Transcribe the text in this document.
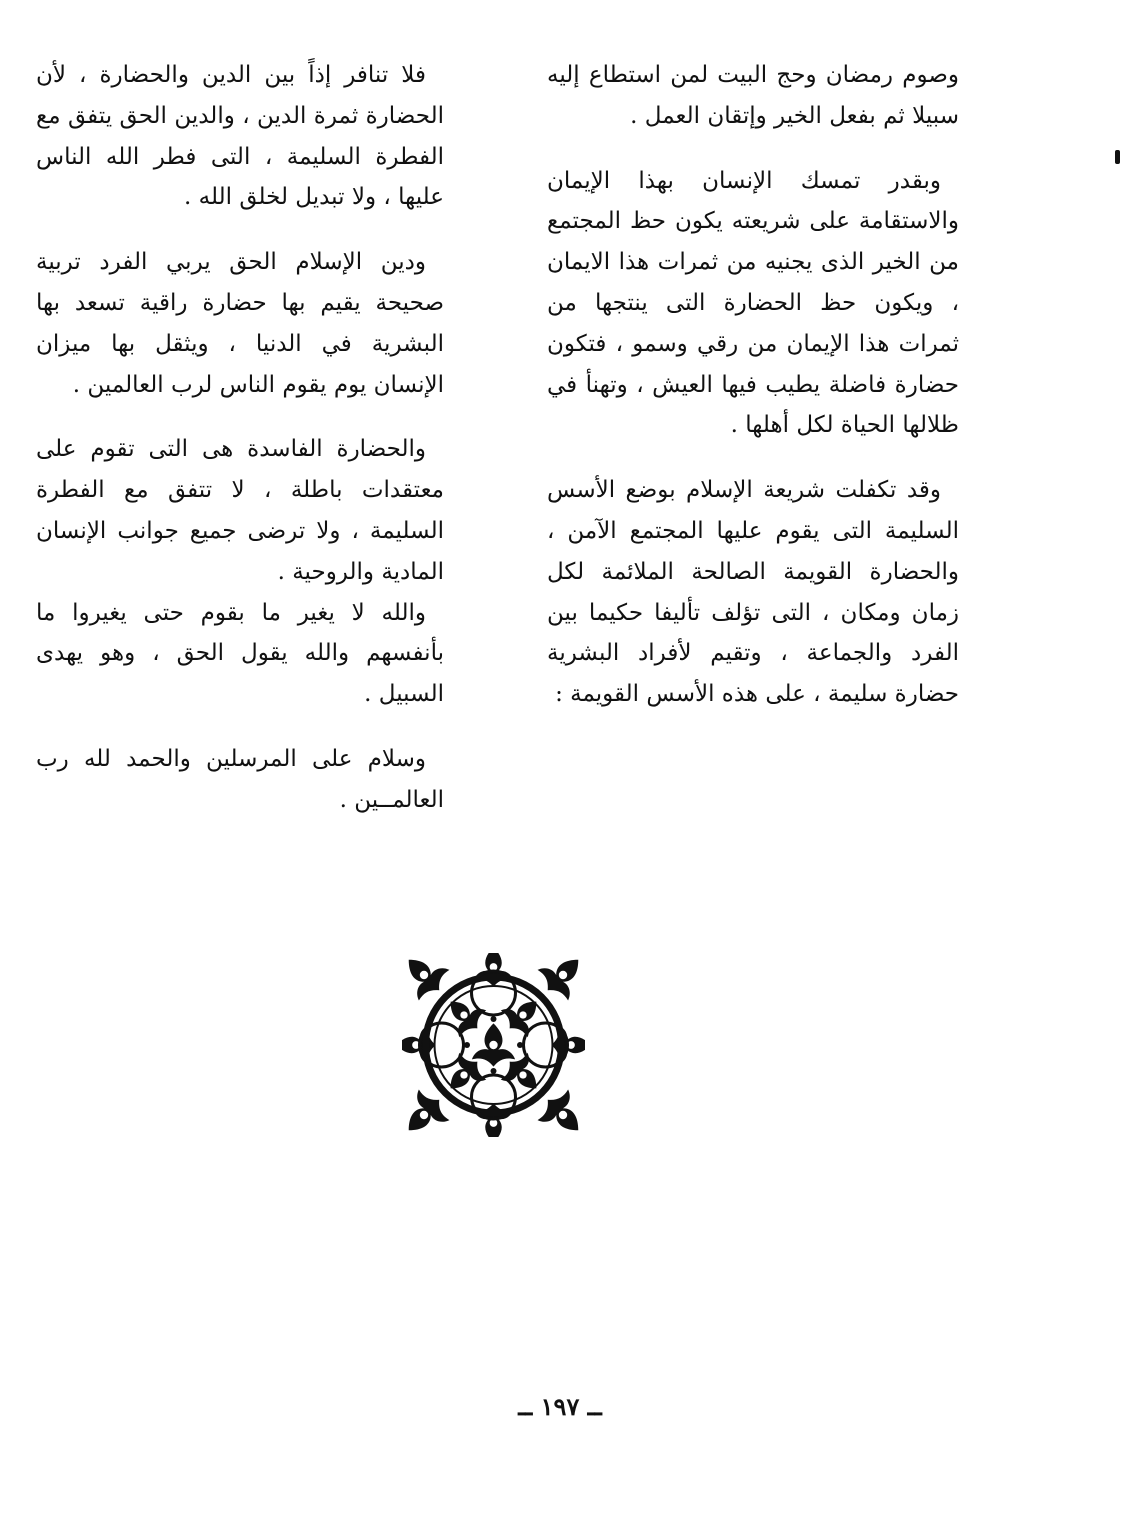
وصوم رمضان وحج البيت لمن استطاع إليه سبيلا ثم بفعل الخير وإتقان العمل .

وبقدر تمسك الإنسان بهذا الإيمان والاستقامة على شريعته يكون حظ المجتمع من الخير الذى يجنيه من ثمرات هذا الايمان ، ويكون حظ الحضارة التى ينتجها من ثمرات هذا الإيمان من رقي وسمو ، فتكون حضارة فاضلة يطيب فيها العيش ، وتهنأ في ظلالها الحياة لكل أهلها .

وقد تكفلت شريعة الإسلام بوضع الأسس السليمة التى يقوم عليها المجتمع الآمن ، والحضارة القويمة الصالحة الملائمة لكل زمان ومكان ، التى تؤلف تأليفا حكيما بين الفرد والجماعة ، وتقيم لأفراد البشرية حضارة سليمة ، على هذه الأسس القويمة :

فلا تنافر إذاً بين الدين والحضارة ، لأن الحضارة ثمرة الدين ، والدين الحق يتفق مع الفطرة السليمة ، التى فطر الله الناس عليها ، ولا تبديل لخلق الله .

ودين الإسلام الحق يربي الفرد تربية صحيحة يقيم بها حضارة راقية تسعد بها البشرية في الدنيا ، ويثقل بها ميزان الإنسان يوم يقوم الناس لرب العالمين .

والحضارة الفاسدة هى التى تقوم على معتقدات باطلة ، لا تتفق مع الفطرة السليمة ، ولا ترضى جميع جوانب الإنسان المادية والروحية .

والله لا يغير ما بقوم حتى يغيروا ما بأنفسهم والله يقول الحق ، وهو يهدى السبيل .

وسلام على المرسلين والحمد لله رب العالمــين .

ــ ١٩٧ ــ
